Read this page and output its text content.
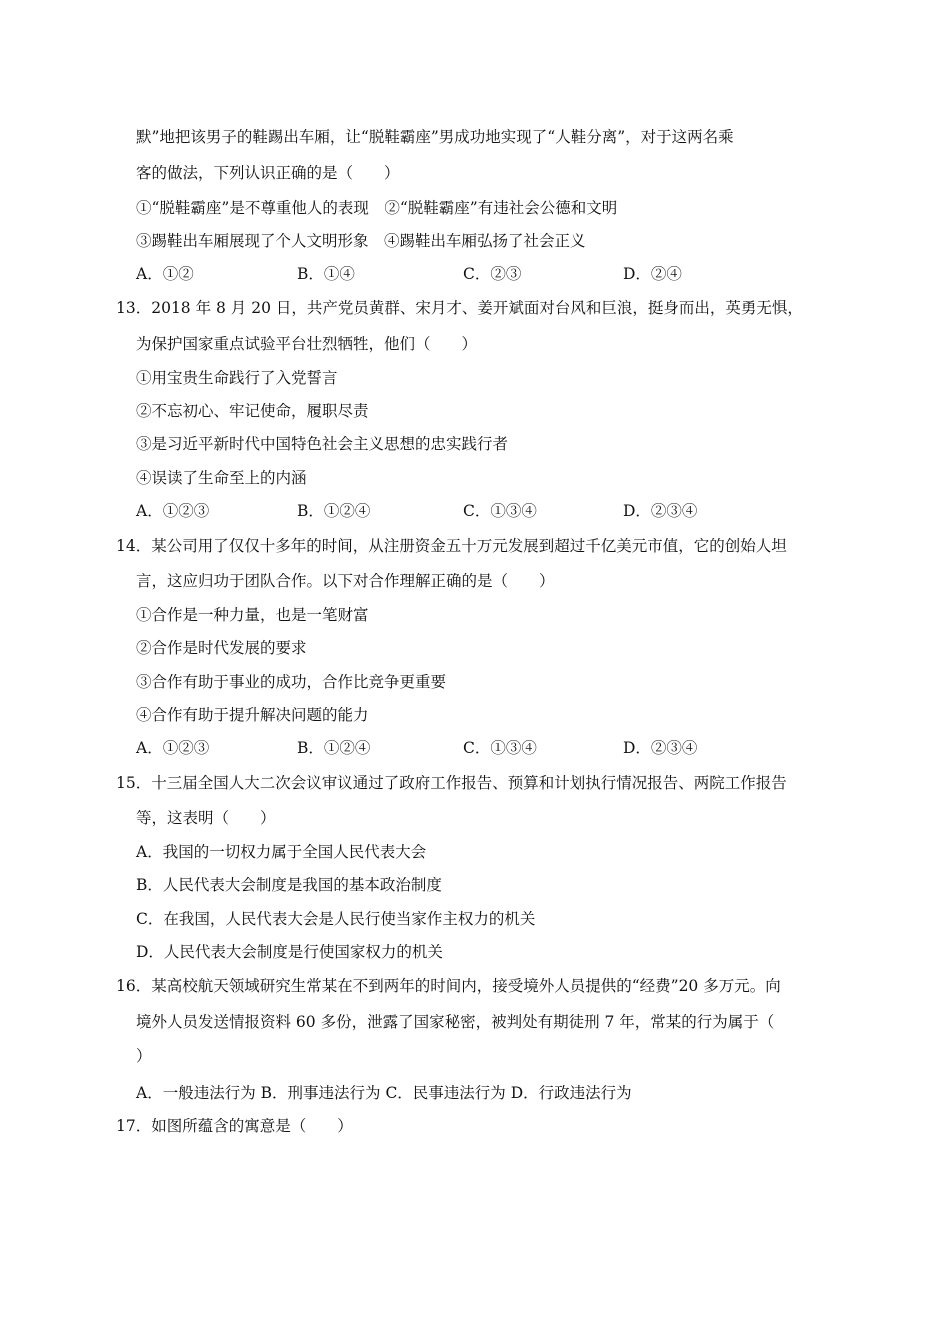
默”地把该男子的鞋踢出车厢，让“脱鞋霸座”男成功地实现了“人鞋分离”，对于这两名乘
客的做法，下列认识正确的是（　　）
①“脱鞋霸座”是不尊重他人的表现　②“脱鞋霸座”有违社会公德和文明
③踢鞋出车厢展现了个人文明形象　④踢鞋出车厢弘扬了社会正义
A．①②	B．①④	C．②③	D．②④
13．2018 年 8 月 20 日，共产党员黄群、宋月才、姜开斌面对台风和巨浪，挺身而出，英勇无惧，
为保护国家重点试验平台壮烈牺牲，他们（　　）
①用宝贵生命践行了入党誓言
②不忘初心、牢记使命，履职尽责
③是习近平新时代中国特色社会主义思想的忠实践行者
④误读了生命至上的内涵
A．①②③	B．①②④	C．①③④	D．②③④
14．某公司用了仅仅十多年的时间，从注册资金五十万元发展到超过千亿美元市值，它的创始人坦
言，这应归功于团队合作。以下对合作理解正确的是（　　）
①合作是一种力量，也是一笔财富
②合作是时代发展的要求
③合作有助于事业的成功，合作比竞争更重要
④合作有助于提升解决问题的能力
A．①②③	B．①②④	C．①③④	D．②③④
15．十三届全国人大二次会议审议通过了政府工作报告、预算和计划执行情况报告、两院工作报告
等，这表明（　　）
A．我国的一切权力属于全国人民代表大会
B．人民代表大会制度是我国的基本政治制度
C．在我国，人民代表大会是人民行使当家作主权力的机关
D．人民代表大会制度是行使国家权力的机关
16．某高校航天领域研究生常某在不到两年的时间内，接受境外人员提供的“经费”20 多万元。向
境外人员发送情报资料 60 多份，泄露了国家秘密，被判处有期徒刑 7 年，常某的行为属于（
）
A．一般违法行为 B．刑事违法行为 C．民事违法行为 D．行政违法行为
17．如图所蕴含的寓意是（　　）
